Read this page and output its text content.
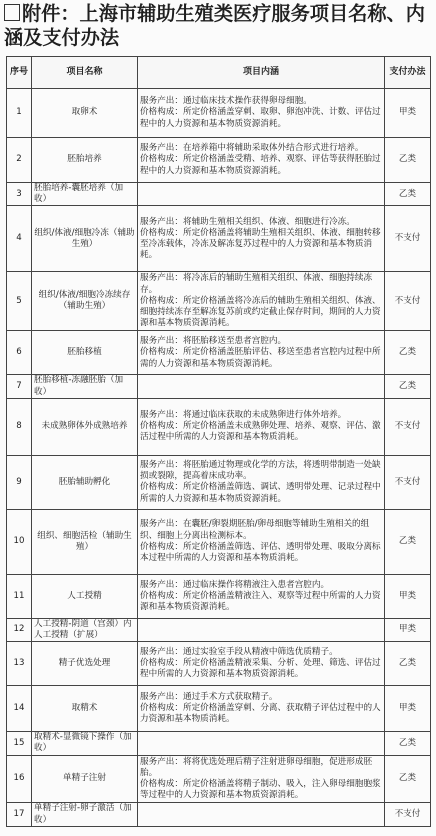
附件：上海市辅助生殖类医疗服务项目名称、内涵及支付办法
序号	项目名称	项目内涵	支付办法
1	取卵术	服务产出：通过临床技术操作获得卵母细胞。
价格构成：所定价格涵盖穿刺、取卵、卵泡冲洗、计数、评估过程中的人力资源和基本物质资源消耗。	甲类
2	胚胎培养	服务产出：在培养箱中将辅助采取体外结合形式进行培养。
价格构成：所定价格涵盖受精、培养、观察、评估等获得胚胎过程中的人力资源和基本物质资源消耗。	乙类
3	胚胎培养-囊胚培养（加收）		乙类
4	组织/体液/细胞冷冻（辅助生殖）	服务产出：将辅助生殖相关组织、体液、细胞进行冷冻。
价格构成：所定价格涵盖将辅助生殖相关组织、体液、细胞转移至冷冻载体，冷冻及解冻复苏过程中的人力资源和基本物质消耗。	不支付
5	组织/体液/细胞冷冻续存（辅助生殖）	服务产出：将冷冻后的辅助生殖相关组织、体液、细胞持续冻存。
价格构成：所定价格涵盖将冷冻后的辅助生殖相关组织、体液、细胞持续冻存至解冻复苏前或约定截止保存时间，期间的人力资源和基本物质资源消耗。	不支付
6	胚胎移植	服务产出：将胚胎移送至患者宫腔内。
价格构成：所定价格涵盖胚胎评估、移送至患者宫腔内过程中所需的人力资源和基本物质资源消耗。	乙类
7	胚胎移植-冻融胚胎（加收）		乙类
8	未成熟卵体外成熟培养	服务产出：将通过临床获取的未成熟卵进行体外培养。
价格构成：所定价格涵盖未成熟卵处理、培养、观察、评估、激活过程中所需的人力资源和基本物质消耗。	不支付
9	胚胎辅助孵化	服务产出：将胚胎通过物理或化学的方法，将透明带制造一处缺损或裂隙，提高着床成功率。
价格构成：所定价格涵盖筛选、调试、透明带处理、记录过程中所需的人力资源和基本物质资源消耗。	不支付
10	组织、细胞活检（辅助生殖）	服务产出：在囊胚/卵裂期胚胎/卵母细胞等辅助生殖相关的组织、细胞上分离出检测标本。
价格构成：所定价格涵盖筛选、评估、透明带处理、吸取分离标本过程中所需的人力资源和基本物质消耗。	乙类
11	人工授精	服务产出：通过临床操作将精液注入患者宫腔内。
价格构成：所定价格涵盖精液注入、观察等过程中所需的人力资源和基本物质资源消耗。	甲类
12	人工授精-阴道（宫颈）内人工授精（扩展）		甲类
13	精子优选处理	服务产出：通过实验室手段从精液中筛选优质精子。
价格构成：所定价格涵盖精液采集、分析、处理、筛选、评估过程中所需的人力资源和基本物质资源消耗。	乙类
14	取精术	服务产出：通过手术方式获取精子。
价格构成：所定价格涵盖穿刺、分离、获取精子评估过程中的人力资源和基本物质消耗。	甲类
15	取精术-显微镜下操作（加收）		乙类
16	单精子注射	服务产出：将将优选处理后精子注射进卵母细胞，促进形成胚胎。
价格构成：所定价格涵盖将精子制动、吸入，注入卵母细胞胞浆等过程中的人力资源和基本物质资源消耗。	乙类
17	单精子注射-卵子激活（加收）		不支付
